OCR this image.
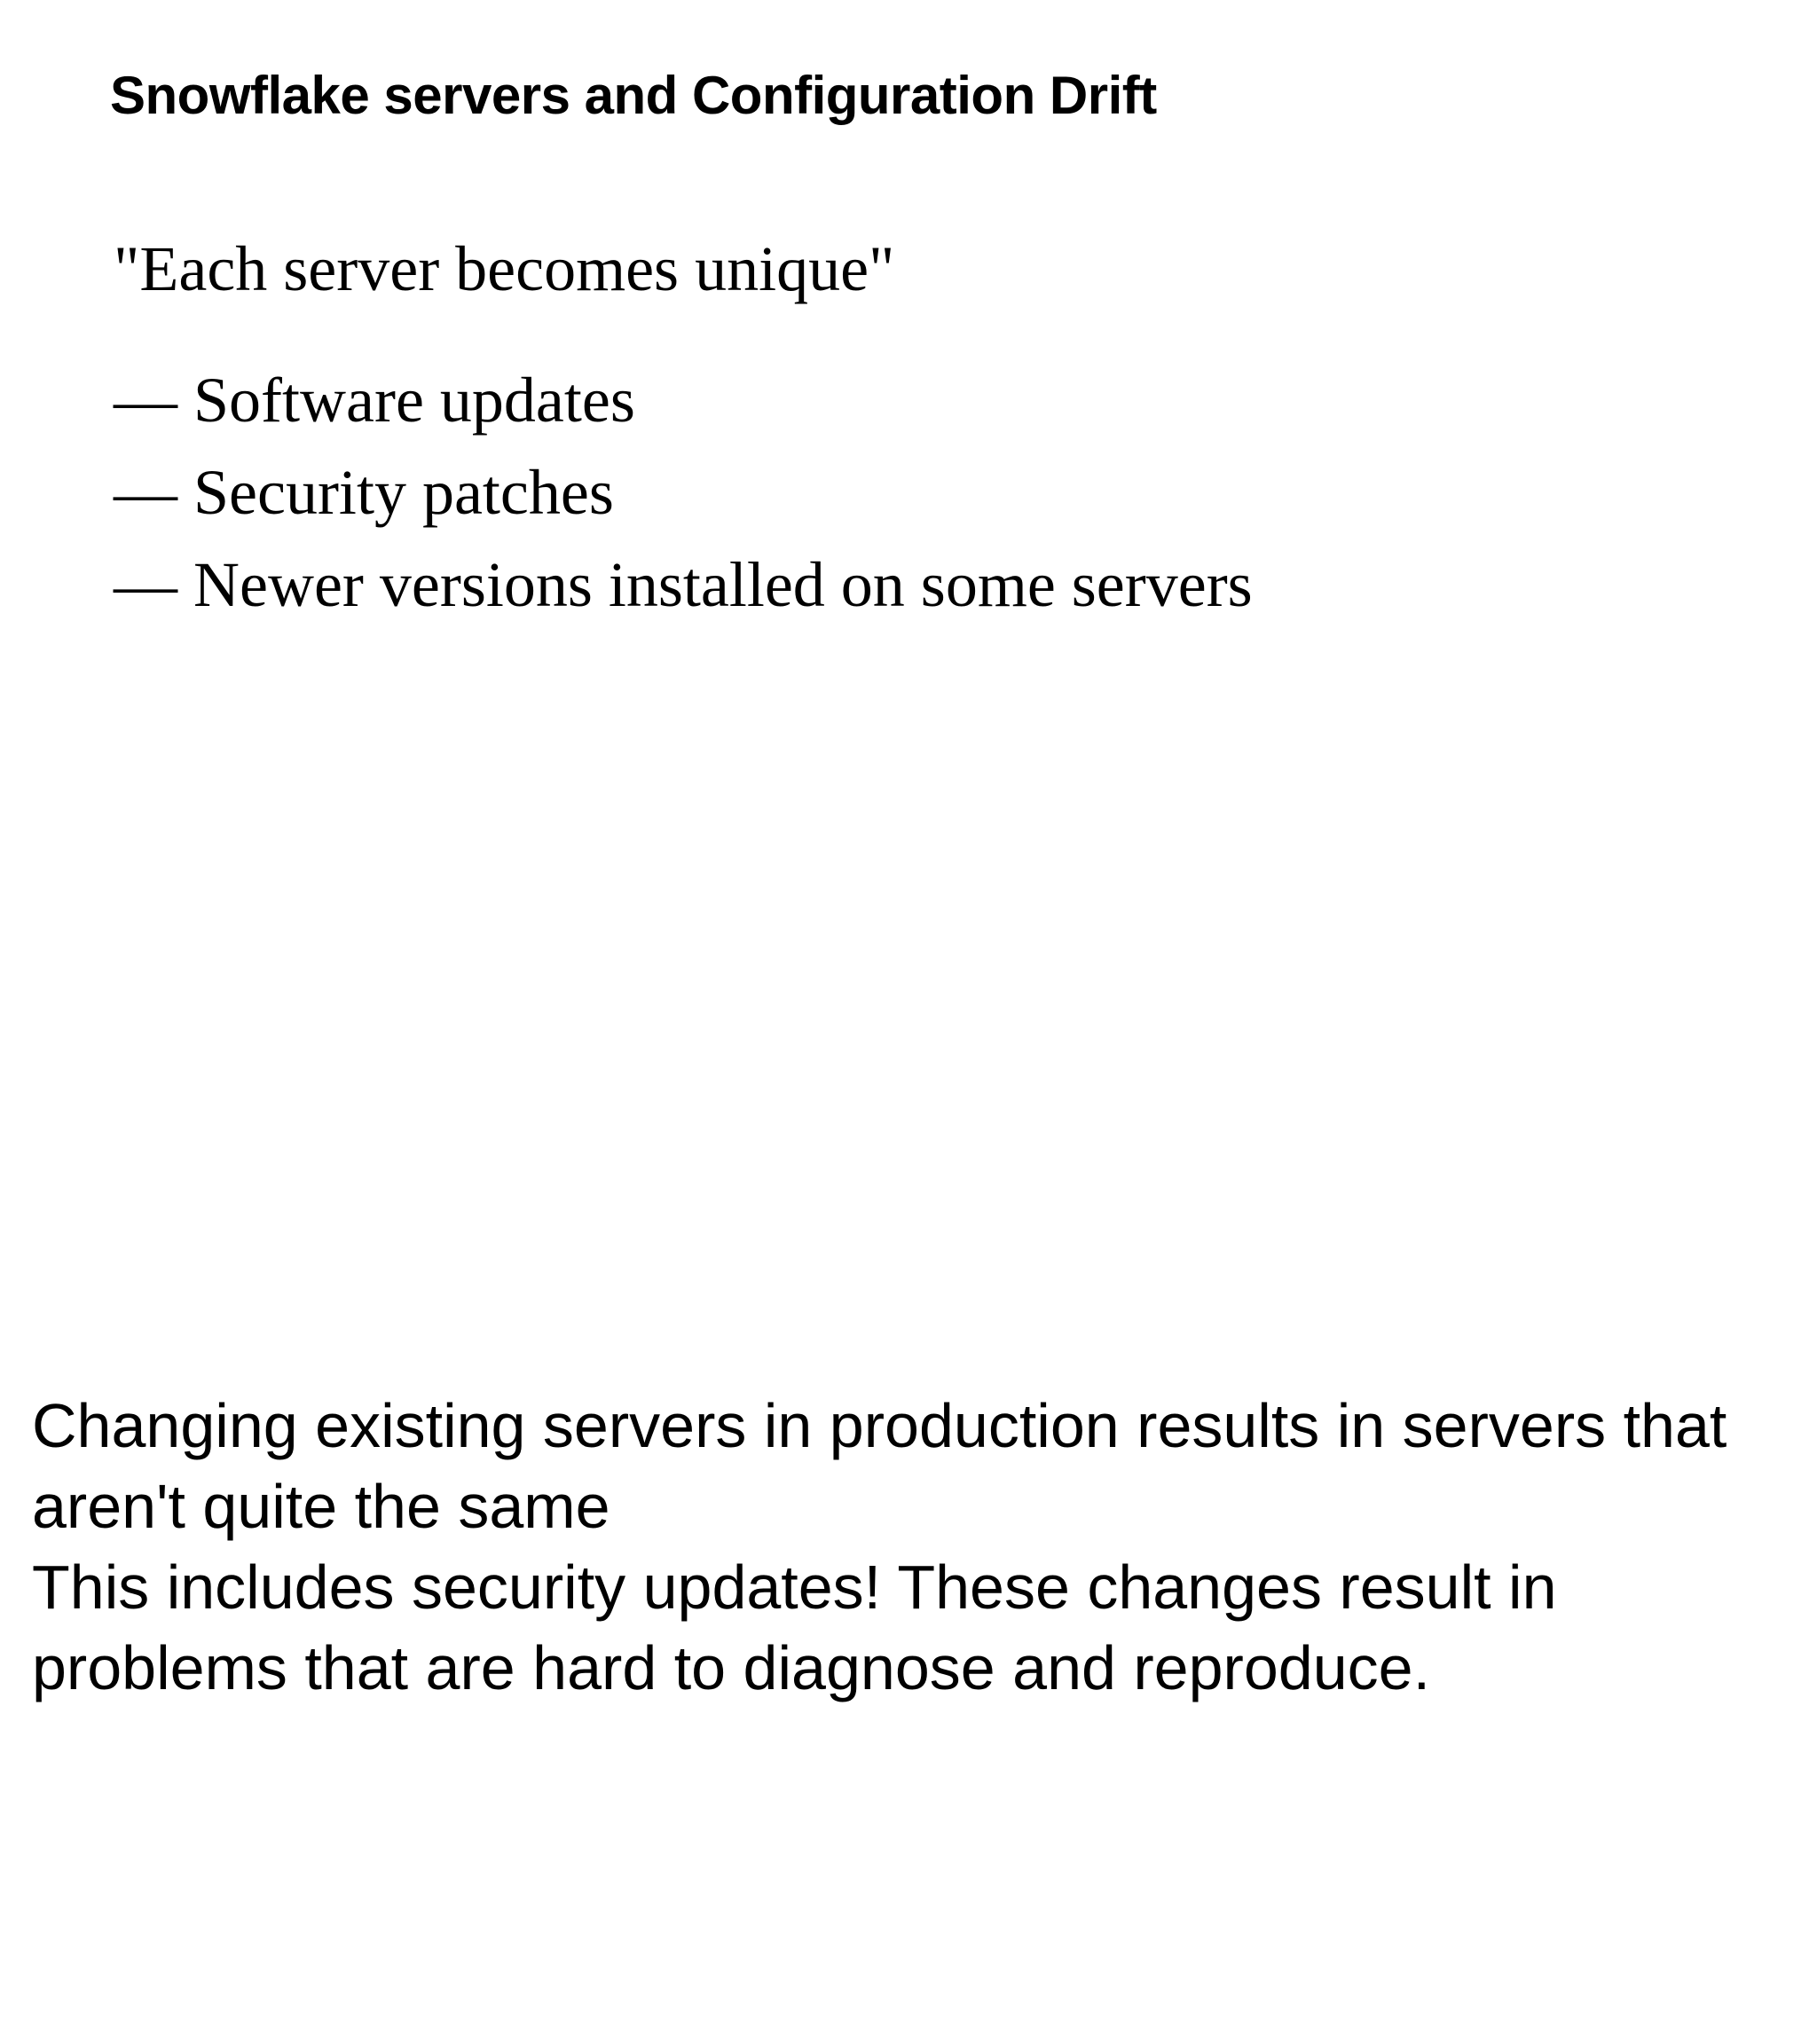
Snowflake servers and Configuration Drift

"Each server becomes unique"

— Software updates
— Security patches
— Newer versions installed on some servers

Changing existing servers in production results in servers that aren't quite the same

This includes security updates! These changes result in problems that are hard to diagnose and reproduce.
